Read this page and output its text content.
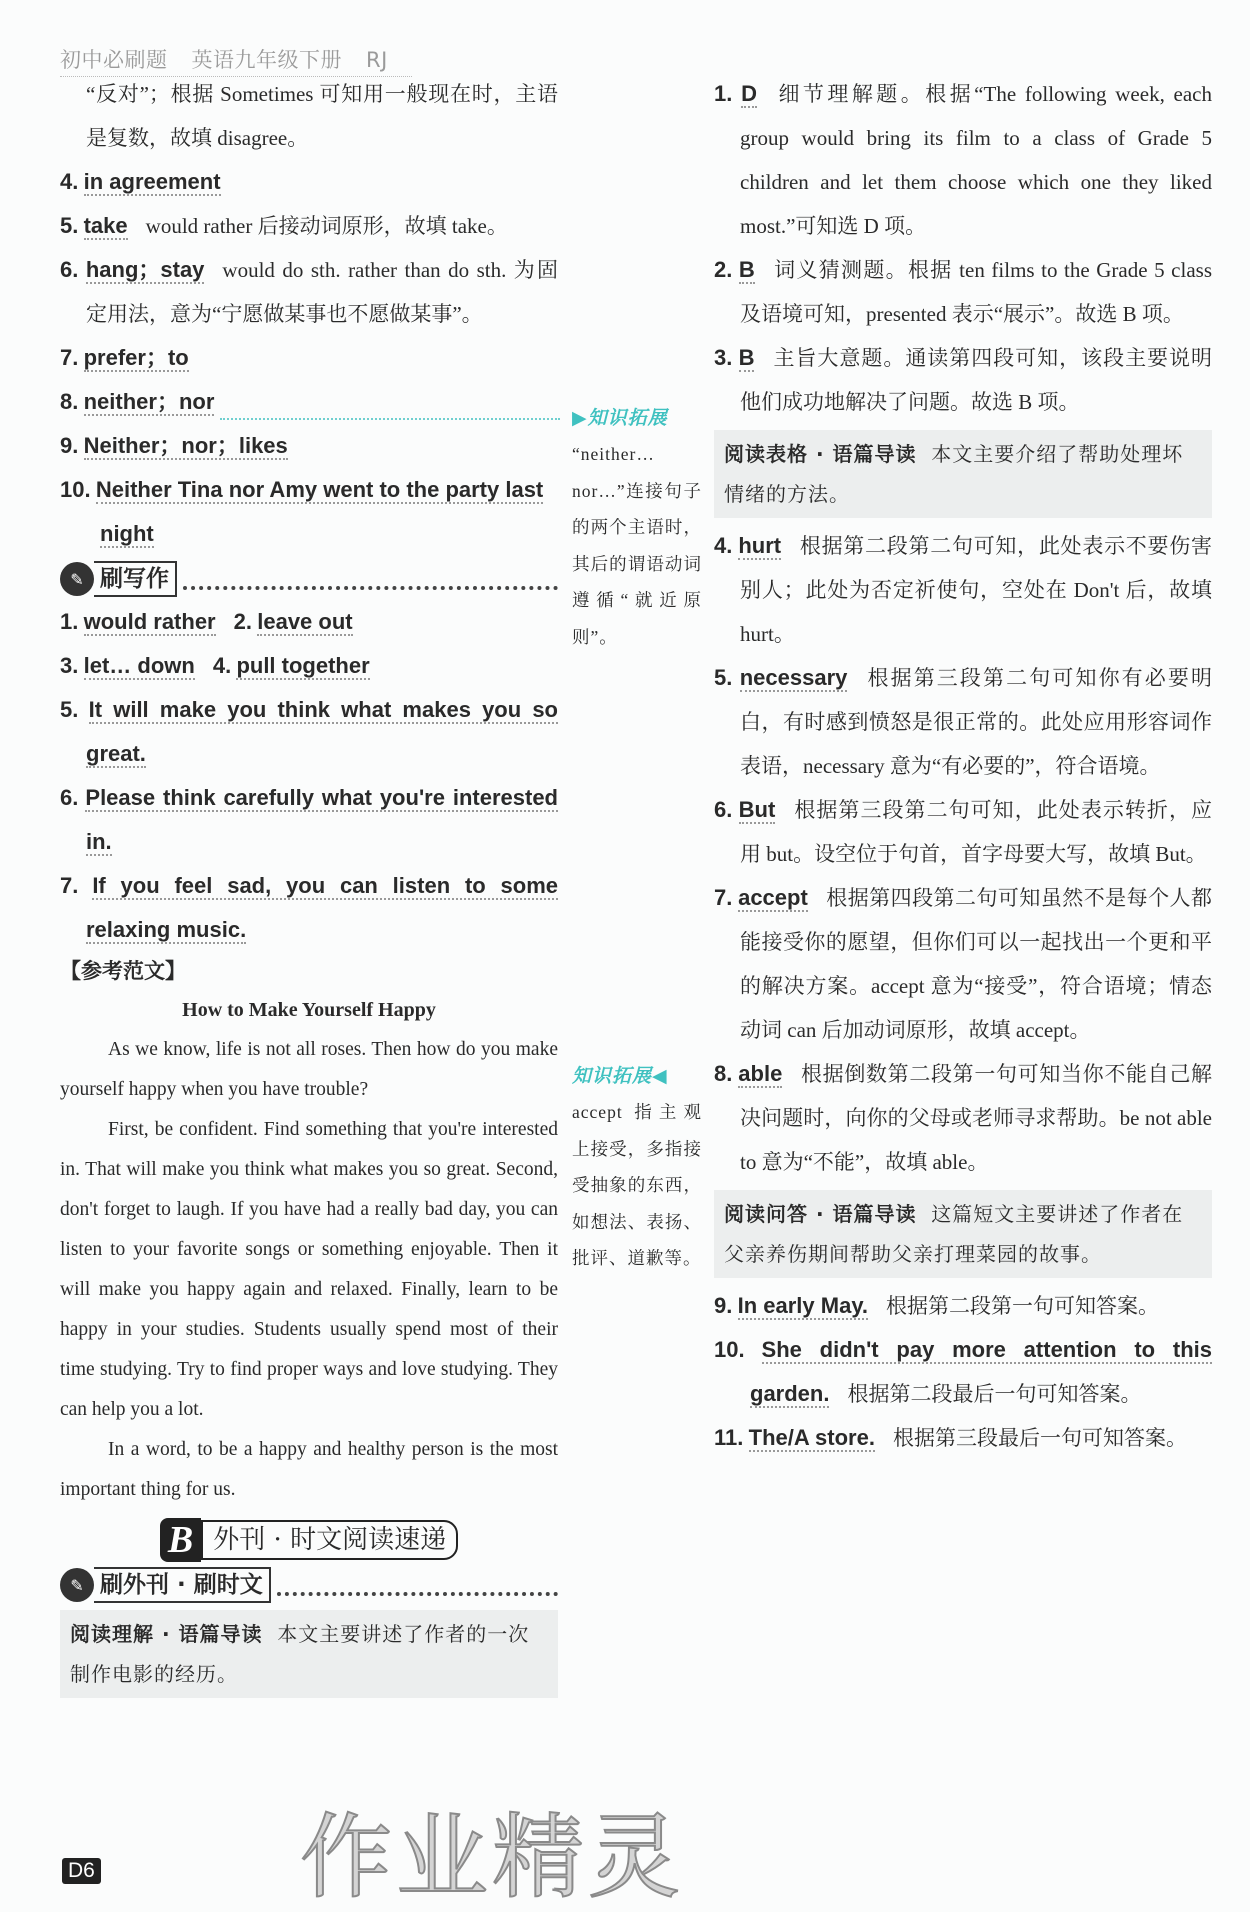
初中必刷题 英语九年级下册 RJ
“反对”；根据 Sometimes 可知用一般现在时，主语是复数，故填 disagree。
4. in agreement
5. take would rather 后接动词原形，故填 take。
6. hang；stay would do sth. rather than do sth. 为固定用法，意为“宁愿做某事也不愿做某事”。
7. prefer；to
8. neither；nor
9. Neither；nor；likes
10. Neither Tina nor Amy went to the party last night
✎ 刷写作
1. would rather 2. leave out
3. let… down 4. pull together
5. It will make you think what makes you so great.
6. Please think carefully what you're interested in.
7. If you feel sad, you can listen to some relaxing music.
【参考范文】
How to Make Yourself Happy

As we know, life is not all roses. Then how do you make yourself happy when you have trouble?

First, be confident. Find something that you're interested in. That will make you think what makes you so great. Second, don't forget to laugh. If you have had a really bad day, you can listen to your favorite songs or something enjoyable. Then it will make you happy again and relaxed. Finally, learn to be happy in your studies. Students usually spend most of their time studying. Try to find proper ways and love studying. They can help you a lot.

In a word, to be a happy and healthy person is the most important thing for us.

B 外刊 · 时文阅读速递
✎ 刷外刊 · 刷时文
阅读理解 · 语篇导读 本文主要讲述了作者的一次制作电影的经历。
▶知识拓展
“neither…nor…”连接句子的两个主语时，其后的谓语动词遵循“就近原则”。
知识拓展◀
accept 指主观上接受，多指接受抽象的东西，如想法、表扬、批评、道歉等。
1. D 细节理解题。根据“The following week, each group would bring its film to a class of Grade 5 children and let them choose which one they liked most.”可知选 D 项。
2. B 词义猜测题。根据 ten films to the Grade 5 class 及语境可知，presented 表示“展示”。故选 B 项。
3. B 主旨大意题。通读第四段可知，该段主要说明他们成功地解决了问题。故选 B 项。
阅读表格 · 语篇导读 本文主要介绍了帮助处理坏情绪的方法。
4. hurt 根据第二段第二句可知，此处表示不要伤害别人；此处为否定祈使句，空处在 Don't 后，故填 hurt。
5. necessary 根据第三段第二句可知你有必要明白，有时感到愤怒是很正常的。此处应用形容词作表语，necessary 意为“有必要的”，符合语境。
6. But 根据第三段第二句可知，此处表示转折，应用 but。设空位于句首，首字母要大写，故填 But。
7. accept 根据第四段第二句可知虽然不是每个人都能接受你的愿望，但你们可以一起找出一个更和平的解决方案。accept 意为“接受”，符合语境；情态动词 can 后加动词原形，故填 accept。
8. able 根据倒数第二段第一句可知当你不能自己解决问题时，向你的父母或老师寻求帮助。be not able to 意为“不能”，故填 able。
阅读问答 · 语篇导读 这篇短文主要讲述了作者在父亲养伤期间帮助父亲打理菜园的故事。
9. In early May. 根据第二段第一句可知答案。
10. She didn't pay more attention to this garden. 根据第二段最后一句可知答案。
11. The/A store. 根据第三段最后一句可知答案。
D6 作业精灵
